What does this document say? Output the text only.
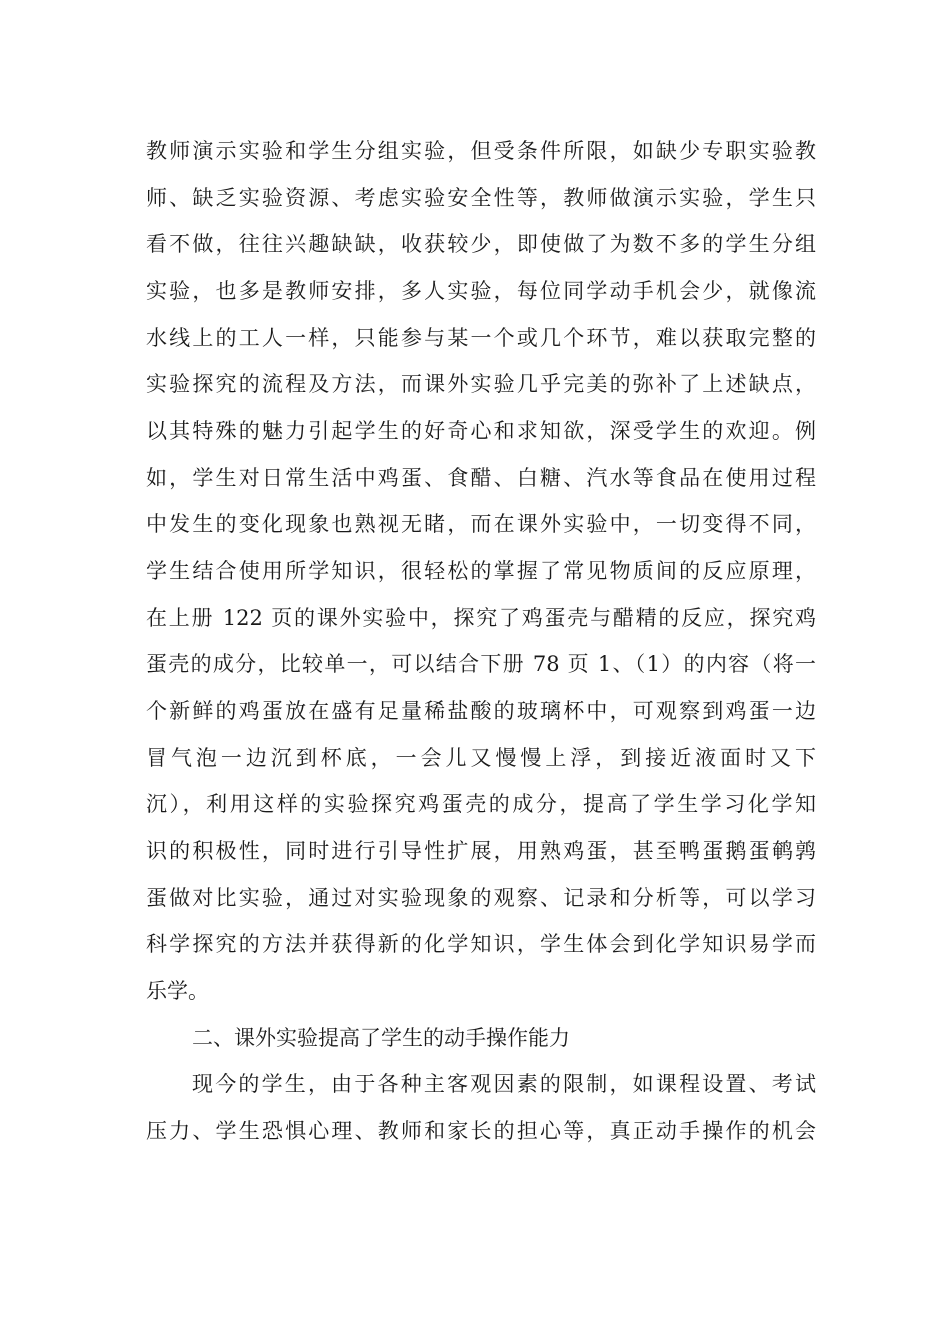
教师演示实验和学生分组实验，但受条件所限，如缺少专职实验教
师、缺乏实验资源、考虑实验安全性等，教师做演示实验，学生只
看不做，往往兴趣缺缺，收获较少，即使做了为数不多的学生分组
实验，也多是教师安排，多人实验，每位同学动手机会少，就像流
水线上的工人一样，只能参与某一个或几个环节，难以获取完整的
实验探究的流程及方法，而课外实验几乎完美的弥补了上述缺点，
以其特殊的魅力引起学生的好奇心和求知欲，深受学生的欢迎。例
如，学生对日常生活中鸡蛋、食醋、白糖、汽水等食品在使用过程
中发生的变化现象也熟视无睹，而在课外实验中，一切变得不同，
学生结合使用所学知识，很轻松的掌握了常见物质间的反应原理，
在上册 122 页的课外实验中，探究了鸡蛋壳与醋精的反应，探究鸡
蛋壳的成分，比较单一，可以结合下册 78 页 1、（1）的内容（将一
个新鲜的鸡蛋放在盛有足量稀盐酸的玻璃杯中，可观察到鸡蛋一边
冒气泡一边沉到杯底，一会儿又慢慢上浮，到接近液面时又下
沉），利用这样的实验探究鸡蛋壳的成分，提高了学生学习化学知
识的积极性，同时进行引导性扩展，用熟鸡蛋，甚至鸭蛋鹅蛋鹌鹑
蛋做对比实验，通过对实验现象的观察、记录和分析等，可以学习
科学探究的方法并获得新的化学知识，学生体会到化学知识易学而
乐学。
二、课外实验提高了学生的动手操作能力
现今的学生，由于各种主客观因素的限制，如课程设置、考试
压力、学生恐惧心理、教师和家长的担心等，真正动手操作的机会
